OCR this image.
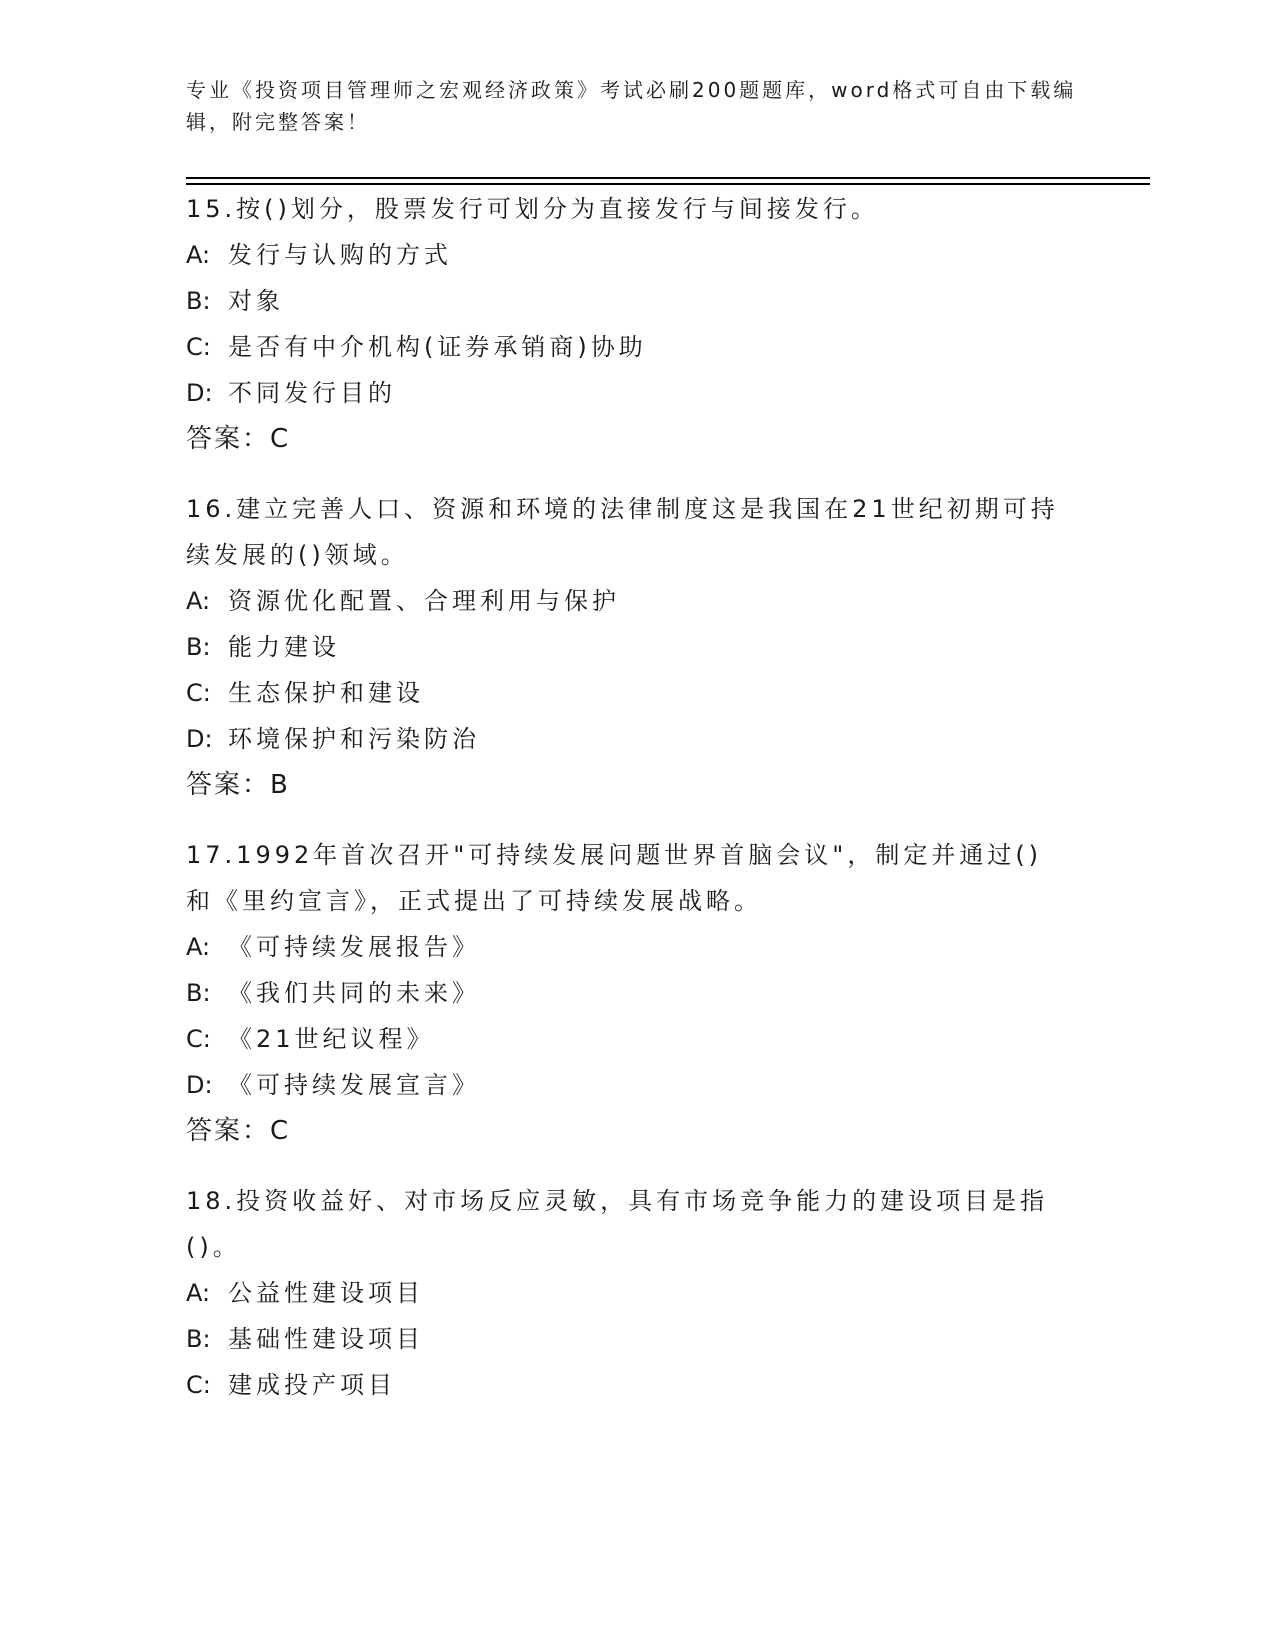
专业《投资项目管理师之宏观经济政策》考试必刷200题题库，word格式可自由下载编辑，附完整答案！
15.按()划分，股票发行可划分为直接发行与间接发行。
A: 发行与认购的方式
B: 对象
C: 是否有中介机构(证券承销商)协助
D: 不同发行目的
答案：C
16.建立完善人口、资源和环境的法律制度这是我国在21世纪初期可持续发展的()领域。
A: 资源优化配置、合理利用与保护
B: 能力建设
C: 生态保护和建设
D: 环境保护和污染防治
答案：B
17.1992年首次召开"可持续发展问题世界首脑会议"，制定并通过()和《里约宣言》，正式提出了可持续发展战略。
A: 《可持续发展报告》
B: 《我们共同的未来》
C: 《21世纪议程》
D: 《可持续发展宣言》
答案：C
18.投资收益好、对市场反应灵敏，具有市场竞争能力的建设项目是指()。
A: 公益性建设项目
B: 基础性建设项目
C: 建成投产项目
